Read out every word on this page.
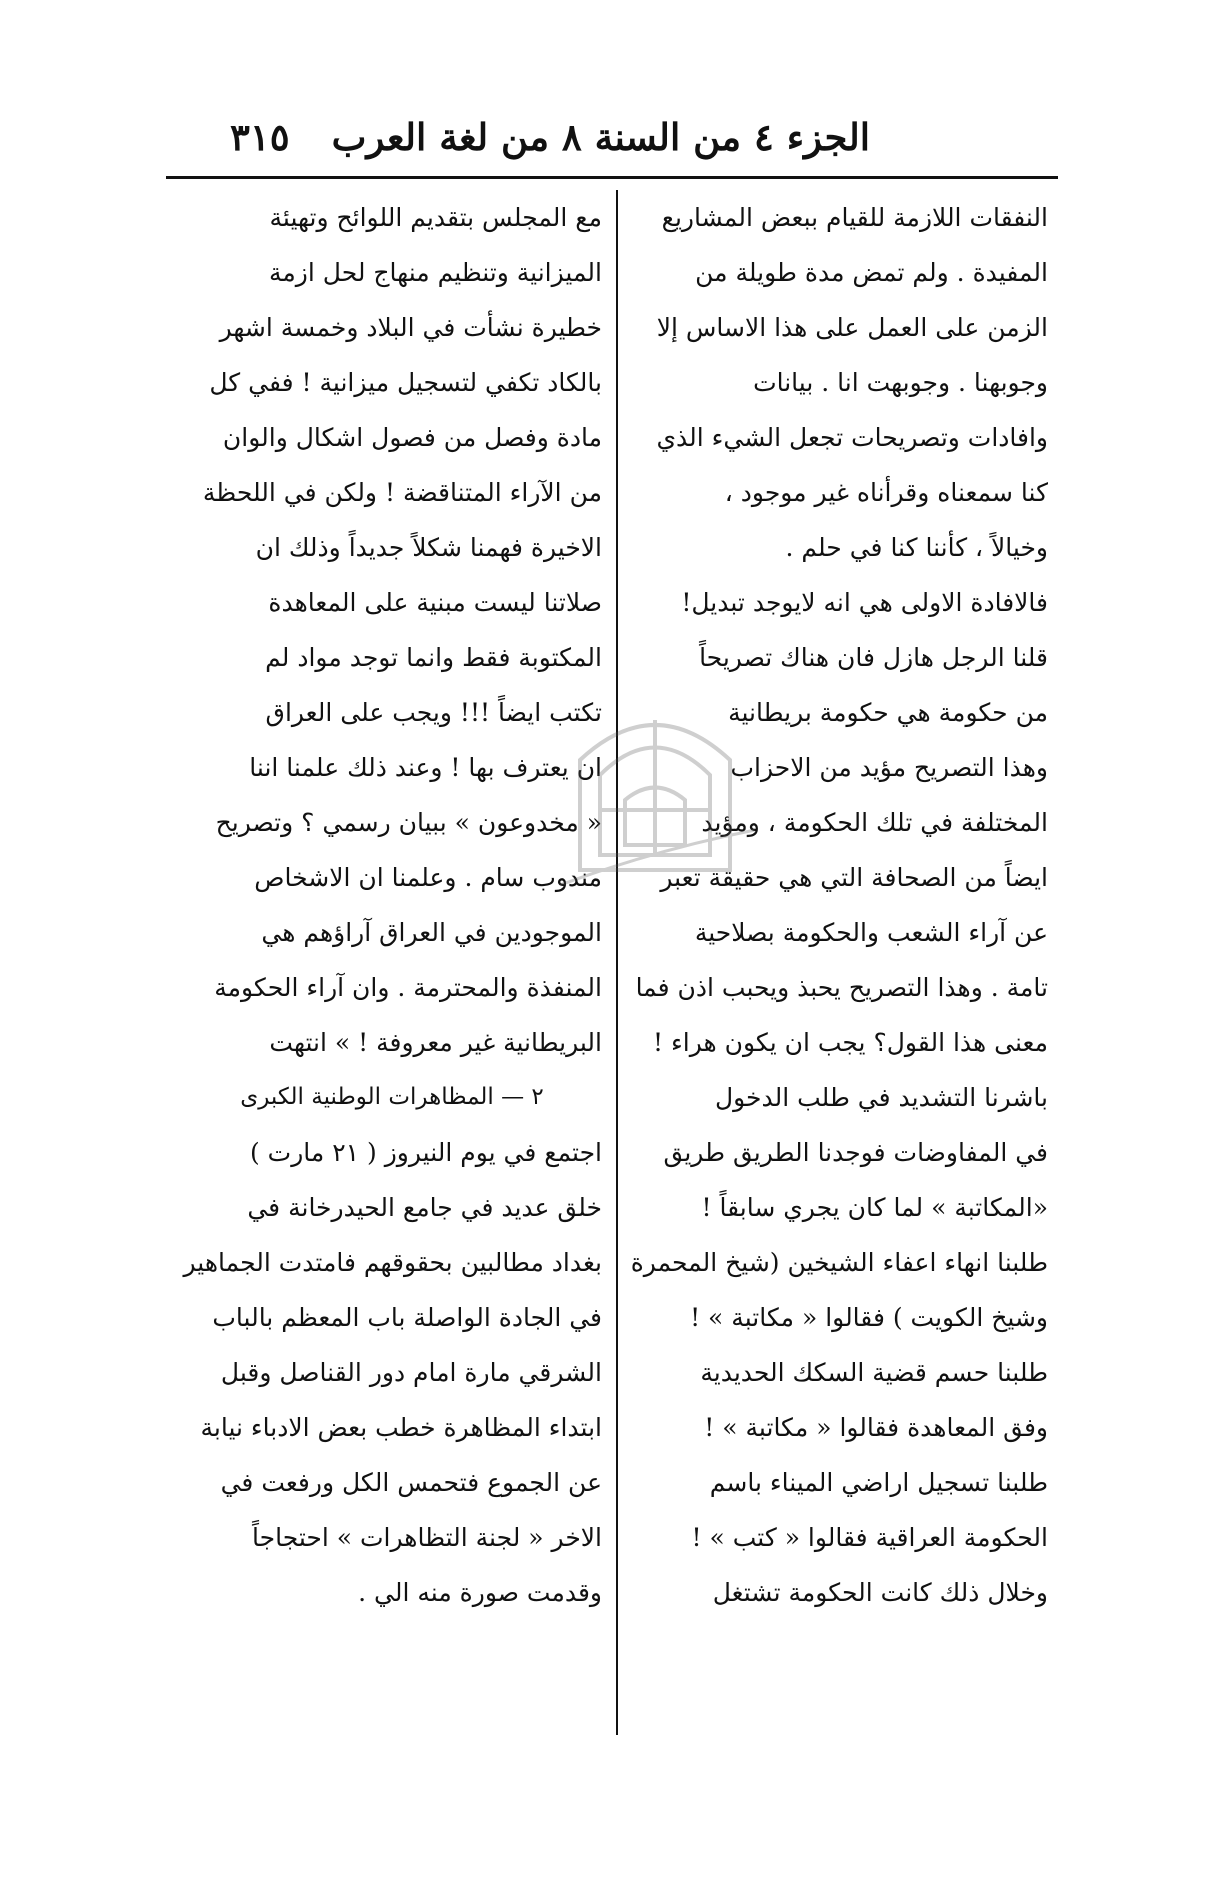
الجزء ٤ من السنة ٨ من لغة العرب
٣١٥

النفقات اللازمة للقيام ببعض المشاريع

المفيدة . ولم تمض مدة طويلة من

الزمن على العمل على هذا الاساس إلا

وجوبهنا . وجوبهت انا . بيانات

وافادات وتصريحات تجعل الشيء الذي

كنا سمعناه وقرأناه غير موجود ،

وخيالاً ، كأننا كنا في حلم .

فالافادة الاولى هي انه لايوجد تبديل!

قلنا الرجل هازل فان هناك تصريحاً

من حكومة هي حكومة بريطانية

وهذا التصريح مؤيد من الاحزاب

المختلفة في تلك الحكومة ، ومؤيد

ايضاً من الصحافة التي هي حقيقة تعبر

عن آراء الشعب والحكومة بصلاحية

تامة . وهذا التصريح يحبذ ويحبب اذن فما

معنى هذا القول؟ يجب ان يكون هراء !

باشرنا التشديد في طلب الدخول

في المفاوضات فوجدنا الطريق طريق

«المكاتبة » لما كان يجري سابقاً !

طلبنا انهاء اعفاء الشيخين (شيخ المحمرة

وشيخ الكويت ) فقالوا « مكاتبة » !

طلبنا حسم قضية السكك الحديدية

وفق المعاهدة فقالوا « مكاتبة » !

طلبنا تسجيل اراضي الميناء باسم

الحكومة العراقية فقالوا « كتب » !

وخلال ذلك كانت الحكومة تشتغل

مع المجلس بتقديم اللوائح وتهيئة

الميزانية وتنظيم منهاج لحل ازمة

خطيرة نشأت في البلاد وخمسة اشهر

بالكاد تكفي لتسجيل ميزانية ! ففي كل

مادة وفصل من فصول اشكال والوان

من الآراء المتناقضة ! ولكن في اللحظة

الاخيرة فهمنا شكلاً جديداً وذلك ان

صلاتنا ليست مبنية على المعاهدة

المكتوبة فقط وانما توجد مواد لم

تكتب ايضاً !!! ويجب على العراق

ان يعترف بها ! وعند ذلك علمنا اننا

« مخدوعون » ببيان رسمي ؟ وتصريح

مندوب سام . وعلمنا ان الاشخاص

الموجودين في العراق آراؤهم هي

المنفذة والمحترمة . وان آراء الحكومة

البريطانية غير معروفة ! » انتهت

٢ — المظاهرات الوطنية الكبرى

اجتمع في يوم النيروز ( ٢١ مارت )

خلق عديد في جامع الحيدرخانة في

بغداد مطالبين بحقوقهم فامتدت الجماهير

في الجادة الواصلة باب المعظم بالباب

الشرقي مارة امام دور القناصل وقبل

ابتداء المظاهرة خطب بعض الادباء نيابة

عن الجموع فتحمس الكل ورفعت في

الاخر « لجنة التظاهرات » احتجاجاً

وقدمت صورة منه الي .
